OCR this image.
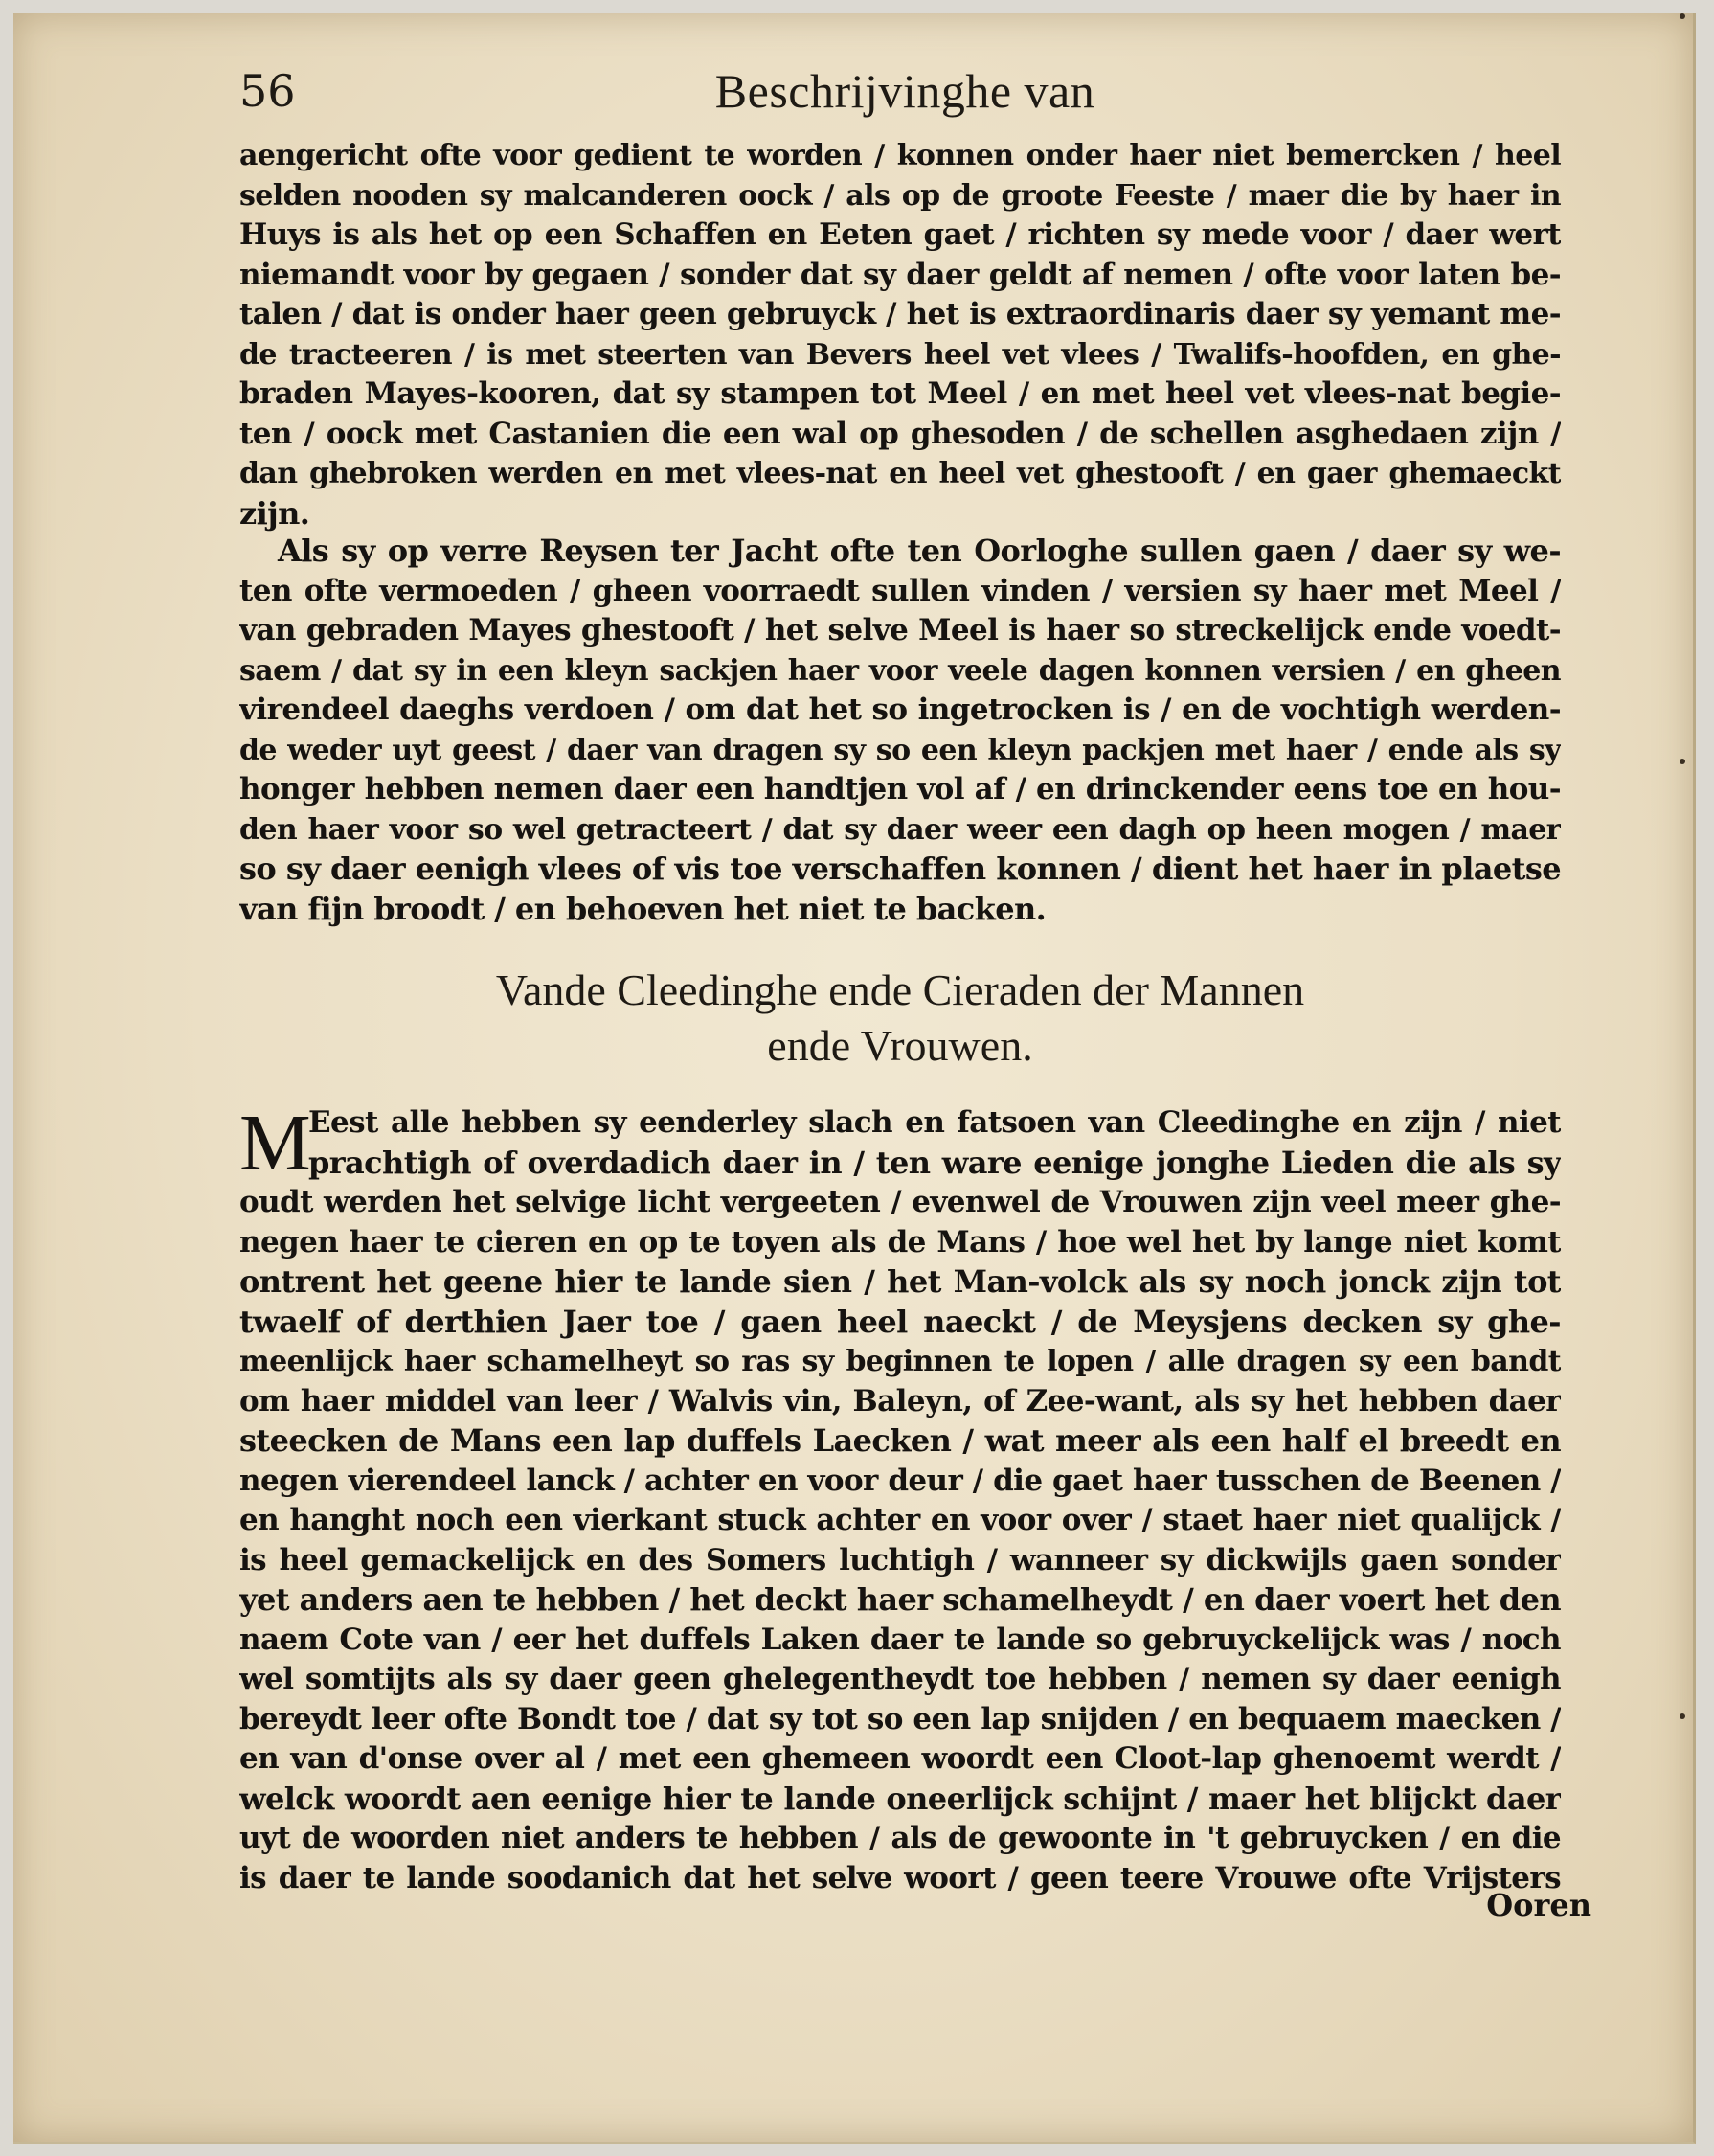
56	Beschrijvinghe van
aengericht ofte voor gedient te worden / konnen onder haer niet bemercken / heel
selden nooden sy malcanderen oock / als op de groote Feeste / maer die by haer in
Huys is als het op een Schaffen en Eeten gaet / richten sy mede voor / daer wert
niemandt voor by gegaen / sonder dat sy daer geldt af nemen / ofte voor laten be-
talen / dat is onder haer geen gebruyck / het is extraordinaris daer sy yemant me-
de tracteeren / is met steerten van Bevers heel vet vlees / Twalifs-hoofden, en ghe-
braden Mayes-kooren, dat sy stampen tot Meel / en met heel vet vlees-nat begie-
ten / oock met Castanien die een wal op ghesoden / de schellen asghedaen zijn /
dan ghebroken werden en met vlees-nat en heel vet ghestooft / en gaer ghemaeckt
zijn.
Als sy op verre Reysen ter Jacht ofte ten Oorloghe sullen gaen / daer sy we-
ten ofte vermoeden / gheen voorraedt sullen vinden / versien sy haer met Meel /
van gebraden Mayes ghestooft / het selve Meel is haer so streckelijck ende voedt-
saem / dat sy in een kleyn sackjen haer voor veele dagen konnen versien / en gheen
virendeel daeghs verdoen / om dat het so ingetrocken is / en de vochtigh werden-
de weder uyt geest / daer van dragen sy so een kleyn packjen met haer / ende als sy
honger hebben nemen daer een handtjen vol af / en drinckender eens toe en hou-
den haer voor so wel getracteert / dat sy daer weer een dagh op heen mogen / maer
so sy daer eenigh vlees of vis toe verschaffen konnen / dient het haer in plaetse
van fijn broodt / en behoeven het niet te backen.
Vande Cleedinghe ende Cieraden der Mannen
ende Vrouwen.
M
Eest alle hebben sy eenderley slach en fatsoen van Cleedinghe en zijn / niet
prachtigh of overdadich daer in / ten ware eenige jonghe Lieden die als sy
oudt werden het selvige licht vergeeten / evenwel de Vrouwen zijn veel meer ghe-
negen haer te cieren en op te toyen als de Mans / hoe wel het by lange niet komt
ontrent het geene hier te lande sien / het Man-volck als sy noch jonck zijn tot
twaelf of derthien Jaer toe / gaen heel naeckt / de Meysjens decken sy ghe-
meenlijck haer schamelheyt so ras sy beginnen te lopen / alle dragen sy een bandt
om haer middel van leer / Walvis vin, Baleyn, of Zee-want, als sy het hebben daer
steecken de Mans een lap duffels Laecken / wat meer als een half el breedt en
negen vierendeel lanck / achter en voor deur / die gaet haer tusschen de Beenen /
en hanght noch een vierkant stuck achter en voor over / staet haer niet qualijck /
is heel gemackelijck en des Somers luchtigh / wanneer sy dickwijls gaen sonder
yet anders aen te hebben / het deckt haer schamelheydt / en daer voert het den
naem Cote van / eer het duffels Laken daer te lande so gebruyckelijck was / noch
wel somtijts als sy daer geen ghelegentheydt toe hebben / nemen sy daer eenigh
bereydt leer ofte Bondt toe / dat sy tot so een lap snijden / en bequaem maecken /
en van d'onse over al / met een ghemeen woordt een Cloot-lap ghenoemt werdt /
welck woordt aen eenige hier te lande oneerlijck schijnt / maer het blijckt daer
uyt de woorden niet anders te hebben / als de gewoonte in 't gebruycken / en die
is daer te lande soodanich dat het selve woort / geen teere Vrouwe ofte Vrijsters
Ooren
